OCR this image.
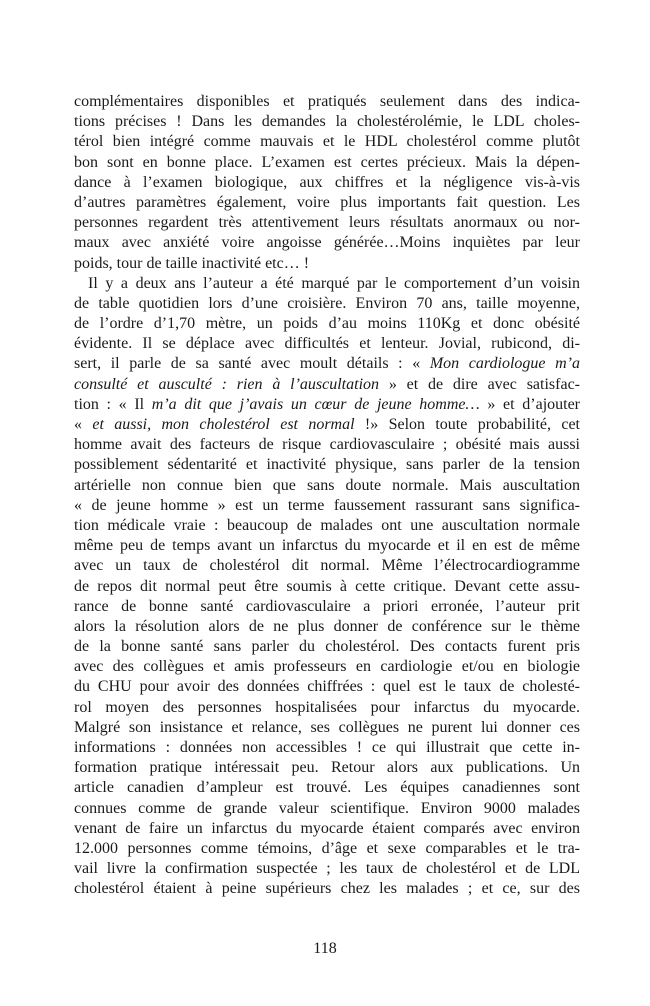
complémentaires disponibles et pratiqués seulement dans des indica-
tions précises ! Dans les demandes la cholestérolémie, le LDL choles-
térol bien intégré comme mauvais et le HDL cholestérol comme plutôt
bon sont en bonne place. L’examen est certes précieux. Mais la dépen-
dance à l’examen biologique, aux chiffres et la négligence vis-à-vis
d’autres paramètres également, voire plus importants fait question. Les
personnes regardent très attentivement leurs résultats anormaux ou nor-
maux avec anxiété voire angoisse générée…Moins inquiètes par leur
poids, tour de taille inactivité etc… !
Il y a deux ans l’auteur a été marqué par le comportement d’un voisin
de table quotidien lors d’une croisière. Environ 70 ans, taille moyenne,
de l’ordre d’1,70 mètre, un poids d’au moins 110Kg et donc obésité
évidente. Il se déplace avec difficultés et lenteur. Jovial, rubicond, di-
sert, il parle de sa santé avec moult détails : « Mon cardiologue m’a
consulté et ausculté : rien à l’auscultation » et de dire avec satisfac-
tion : « Il m’a dit que j’avais un cœur de jeune homme… » et d’ajouter
« et aussi, mon cholestérol est normal !» Selon toute probabilité, cet
homme avait des facteurs de risque cardiovasculaire ; obésité mais aussi
possiblement sédentarité et inactivité physique, sans parler de la tension
artérielle non connue bien que sans doute normale. Mais auscultation
« de jeune homme » est un terme faussement rassurant sans significa-
tion médicale vraie : beaucoup de malades ont une auscultation normale
même peu de temps avant un infarctus du myocarde et il en est de même
avec un taux de cholestérol dit normal. Même l’électrocardiogramme
de repos dit normal peut être soumis à cette critique. Devant cette assu-
rance de bonne santé cardiovasculaire a priori erronée, l’auteur prit
alors la résolution alors de ne plus donner de conférence sur le thème
de la bonne santé sans parler du cholestérol. Des contacts furent pris
avec des collègues et amis professeurs en cardiologie et/ou en biologie
du CHU pour avoir des données chiffrées : quel est le taux de cholesté-
rol moyen des personnes hospitalisées pour infarctus du myocarde.
Malgré son insistance et relance, ses collègues ne purent lui donner ces
informations : données non accessibles ! ce qui illustrait que cette in-
formation pratique intéressait peu. Retour alors aux publications. Un
article canadien d’ampleur est trouvé. Les équipes canadiennes sont
connues comme de grande valeur scientifique. Environ 9000 malades
venant de faire un infarctus du myocarde étaient comparés avec environ
12.000 personnes comme témoins, d’âge et sexe comparables et le tra-
vail livre la confirmation suspectée ; les taux de cholestérol et de LDL
cholestérol étaient à peine supérieurs chez les malades ; et ce, sur des
118
